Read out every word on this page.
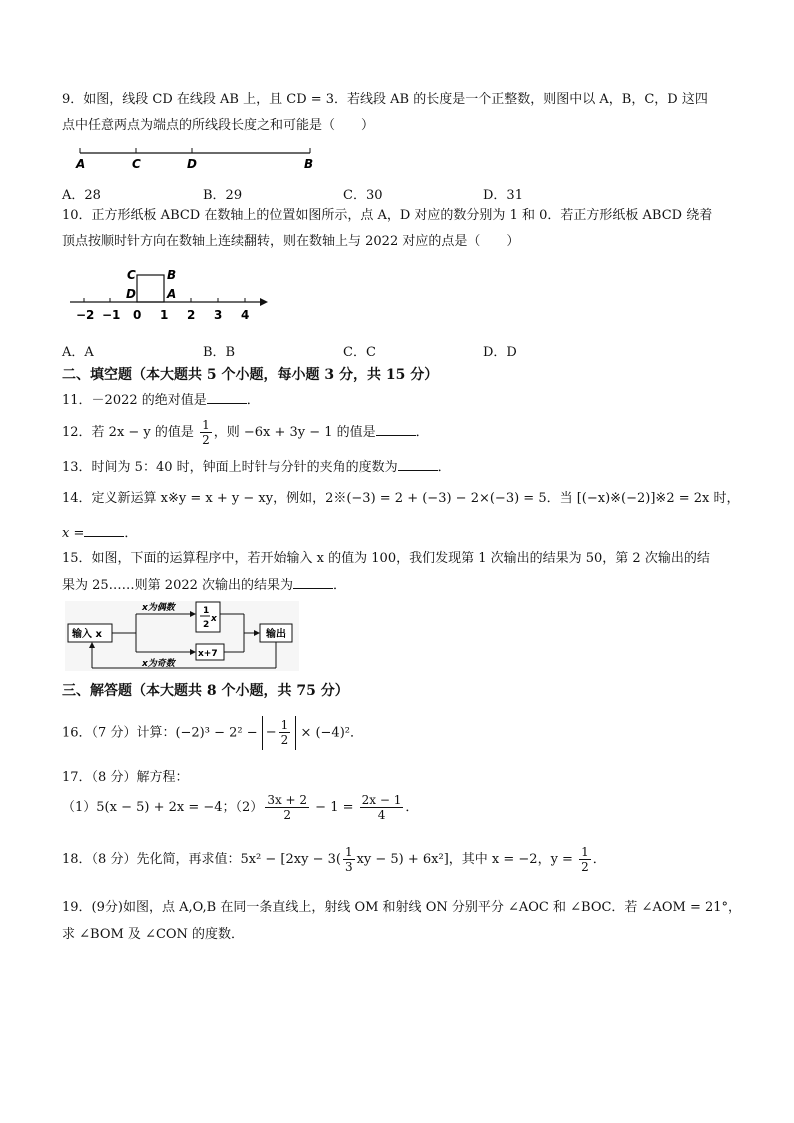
9．如图，线段 CD 在线段 AB 上，且 CD = 3．若线段 AB 的长度是一个正整数，则图中以 A，B，C，D 这四
点中任意两点为端点的所线段长度之和可能是（　　）
A	C	D	B
A．28	B．29	C．30	D．31
10．正方形纸板 ABCD 在数轴上的位置如图所示，点 A，D 对应的数分别为 1 和 0．若正方形纸板 ABCD 绕着
顶点按顺时针方向在数轴上连续翻转，则在数轴上与 2022 对应的点是（　　）
C	B
D	A
−2 −1 0 1 2 3 4
A．A	B．B	C．C	D．D
二、填空题（本大题共 5 个小题，每小题 3 分，共 15 分）
11．－2022 的绝对值是	．
12．若 2x − y 的值是 $\frac{1}{2}$ ，则 −6x + 3y − 1 的值是	．
13．时间为 5：40 时，钟面上时针与分针的夹角的度数为	．
14．定义新运算 x※y = x + y − xy，例如，2※(−3) = 2 + (−3) − 2×(−3) = 5．当 [(−x)※(−2)]※2 = 2x 时，
x =	．
15．如图，下面的运算程序中，若开始输入 x 的值为 100，我们发现第 1 次输出的结果为 50，第 2 次输出的结
果为 25……则第 2022 次输出的结果为	．
输入 x
x为偶数
x为奇数
1
2
x
x+7
输出
三、解答题（本大题共 8 个小题，共 75 分）
16．（7 分）计算：(−2)³ − 2² − − $\frac{1}{2} \times (-4)^2$．
17．（8 分）解方程：
（1）5(x − 5) + 2x = −4；$(2) \frac{3x + 2}{2} - 1 = \frac{2x - 1}{4}$ ．
18．（8 分）先化简，再求值：$5x^2 - [2xy - 3( \frac{1}{3}$ xy − 5) + 6x²]，其中 x = −2，$y = \frac{1}{2}$ ．
19．(9分)如图，点 A,O,B 在同一条直线上，射线 OM 和射线 ON 分别平分 ∠AOC 和 ∠BOC．若 ∠AOM = 21°，
求 ∠BOM 及 ∠CON 的度数．
